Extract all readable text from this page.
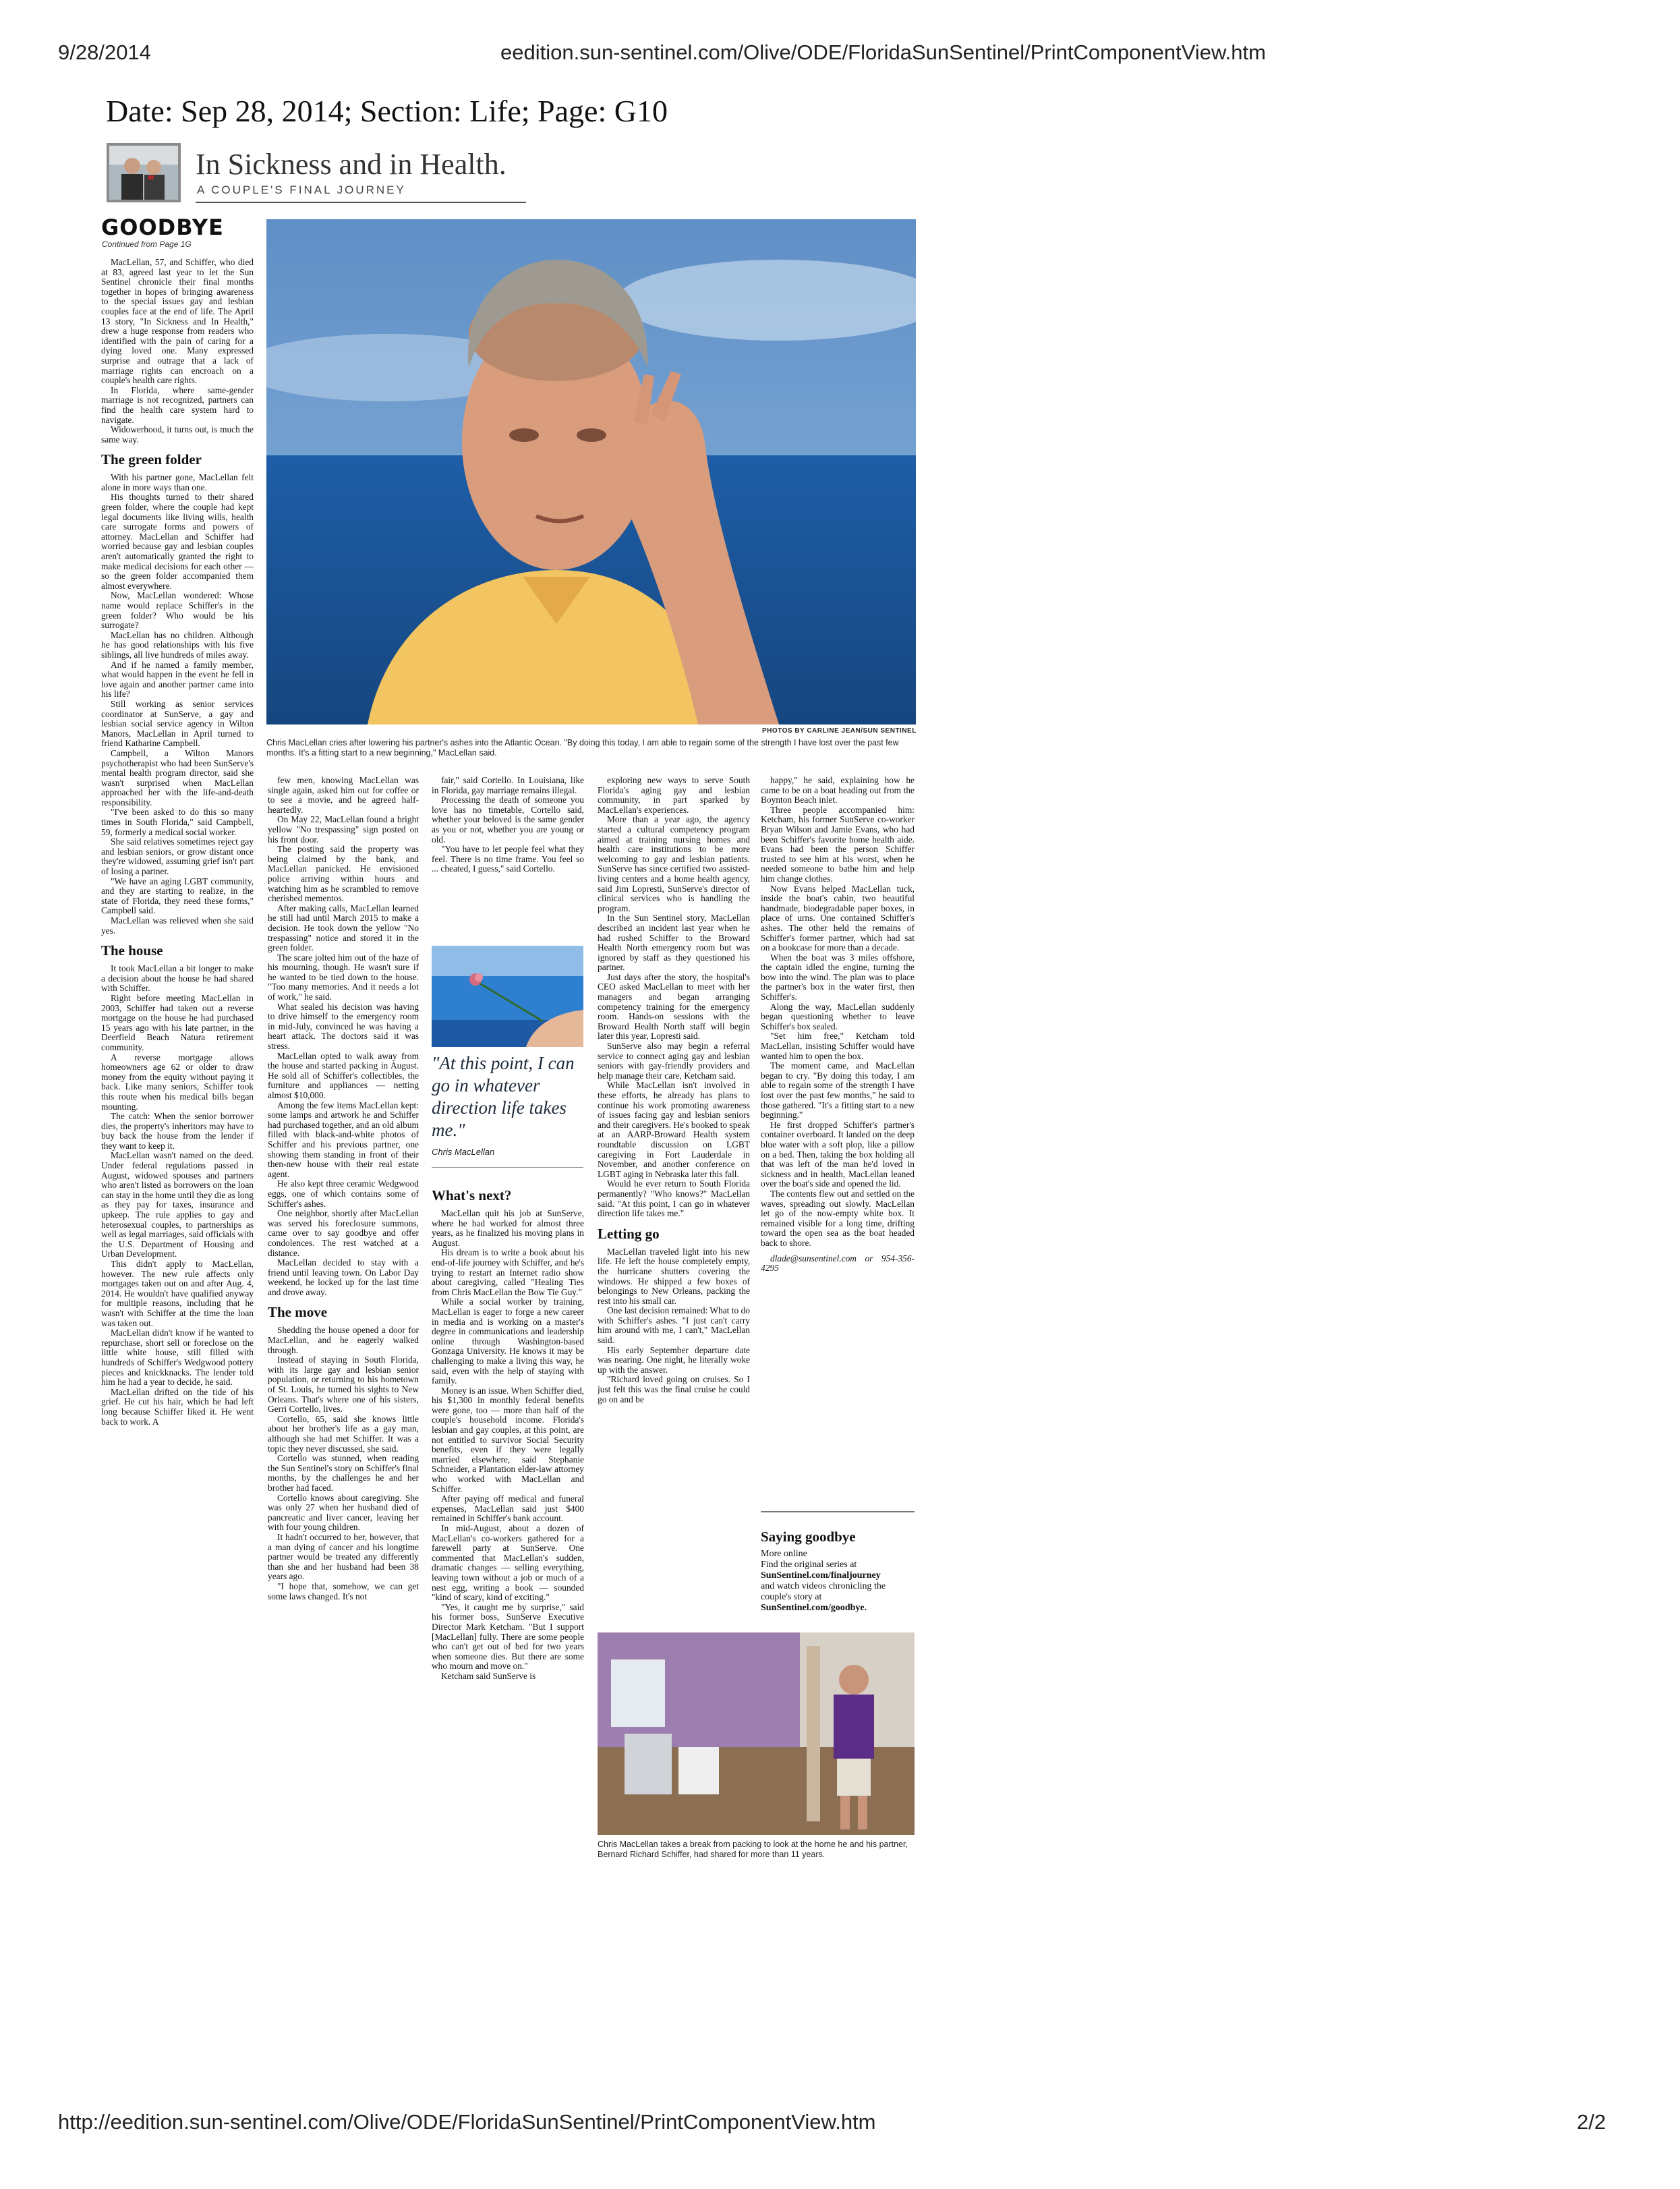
9/28/2014	eedition.sun-sentinel.com/Olive/ODE/FloridaSunSentinel/PrintComponentView.htm
Date: Sep 28, 2014; Section: Life; Page: G10
In Sickness and in Health.
A COUPLE'S FINAL JOURNEY
GOODBYE
Continued from Page 1G

MacLellan, 57, and Schiffer, who died at 83, agreed last year to let the Sun Sentinel chronicle their final months together in hopes of bringing awareness to the special issues gay and lesbian couples face at the end of life. The April 13 story, "In Sickness and In Health," drew a huge response from readers who identified with the pain of caring for a dying loved one. Many expressed surprise and outrage that a lack of marriage rights can encroach on a couple's health care rights.

In Florida, where same-gender marriage is not recognized, partners can find the health care system hard to navigate.

Widowerhood, it turns out, is much the same way.

The green folder

With his partner gone, MacLellan felt alone in more ways than one.

His thoughts turned to their shared green folder, where the couple had kept legal documents like living wills, health care surrogate forms and powers of attorney. MacLellan and Schiffer had worried because gay and lesbian couples aren't automatically granted the right to make medical decisions for each other — so the green folder accompanied them almost everywhere.

Now, MacLellan wondered: Whose name would replace Schiffer's in the green folder? Who would be his surrogate?

MacLellan has no children. Although he has good relationships with his five siblings, all live hundreds of miles away.

And if he named a family member, what would happen in the event he fell in love again and another partner came into his life?

Still working as senior services coordinator at SunServe, a gay and lesbian social service agency in Wilton Manors, MacLellan in April turned to friend Katharine Campbell.

Campbell, a Wilton Manors psychotherapist who had been SunServe's mental health program director, said she wasn't surprised when MacLellan approached her with the life-and-death responsibility.

"I've been asked to do this so many times in South Florida," said Campbell, 59, formerly a medical social worker.

She said relatives sometimes reject gay and lesbian seniors, or grow distant once they're widowed, assuming grief isn't part of losing a partner.

"We have an aging LGBT community, and they are starting to realize, in the state of Florida, they need these forms," Campbell said.

MacLellan was relieved when she said yes.

The house

It took MacLellan a bit longer to make a decision about the house he had shared with Schiffer.

Right before meeting MacLellan in 2003, Schiffer had taken out a reverse mortgage on the house he had purchased 15 years ago with his late partner, in the Deerfield Beach Natura retirement community.

A reverse mortgage allows homeowners age 62 or older to draw money from the equity without paying it back. Like many seniors, Schiffer took this route when his medical bills began mounting.

The catch: When the senior borrower dies, the property's inheritors may have to buy back the house from the lender if they want to keep it.

MacLellan wasn't named on the deed. Under federal regulations passed in August, widowed spouses and partners who aren't listed as borrowers on the loan can stay in the home until they die as long as they pay for taxes, insurance and upkeep. The rule applies to gay and heterosexual couples, to partnerships as well as legal marriages, said officials with the U.S. Department of Housing and Urban Development.

This didn't apply to MacLellan, however. The new rule affects only mortgages taken out on and after Aug. 4, 2014. He wouldn't have qualified anyway for multiple reasons, including that he wasn't with Schiffer at the time the loan was taken out.

MacLellan didn't know if he wanted to repurchase, short sell or foreclose on the little white house, still filled with hundreds of Schiffer's Wedgwood pottery pieces and knickknacks. The lender told him he had a year to decide, he said.

MacLellan drifted on the tide of his grief. He cut his hair, which he had left long because Schiffer liked it. He went back to work. A

PHOTOS BY CARLINE JEAN/SUN SENTINEL
Chris MacLellan cries after lowering his partner's ashes into the Atlantic Ocean. "By doing this today, I am able to regain some of the strength I have lost over the past few months. It's a fitting start to a new beginning," MacLellan said.

few men, knowing MacLellan was single again, asked him out for coffee or to see a movie, and he agreed half-heartedly.

On May 22, MacLellan found a bright yellow "No trespassing" sign posted on his front door.

The posting said the property was being claimed by the bank, and MacLellan panicked. He envisioned police arriving within hours and watching him as he scrambled to remove cherished mementos.

After making calls, MacLellan learned he still had until March 2015 to make a decision. He took down the yellow "No trespassing" notice and stored it in the green folder.

The scare jolted him out of the haze of his mourning, though. He wasn't sure if he wanted to be tied down to the house. "Too many memories. And it needs a lot of work," he said.

What sealed his decision was having to drive himself to the emergency room in mid-July, convinced he was having a heart attack. The doctors said it was stress.

MacLellan opted to walk away from the house and started packing in August. He sold all of Schiffer's collectibles, the furniture and appliances — netting almost $10,000.

Among the few items MacLellan kept: some lamps and artwork he and Schiffer had purchased together, and an old album filled with black-and-white photos of Schiffer and his previous partner, one showing them standing in front of their then-new house with their real estate agent.

He also kept three ceramic Wedgwood eggs, one of which contains some of Schiffer's ashes.

One neighbor, shortly after MacLellan was served his foreclosure summons, came over to say goodbye and offer condolences. The rest watched at a distance.

MacLellan decided to stay with a friend until leaving town. On Labor Day weekend, he locked up for the last time and drove away.

The move

Shedding the house opened a door for MacLellan, and he eagerly walked through.

Instead of staying in South Florida, with its large gay and lesbian senior population, or returning to his hometown of St. Louis, he turned his sights to New Orleans. That's where one of his sisters, Gerri Cortello, lives.

Cortello, 65, said she knows little about her brother's life as a gay man, although she had met Schiffer. It was a topic they never discussed, she said.

Cortello was stunned, when reading the Sun Sentinel's story on Schiffer's final months, by the challenges he and her brother had faced.

Cortello knows about caregiving. She was only 27 when her husband died of pancreatic and liver cancer, leaving her with four young children.

It hadn't occurred to her, however, that a man dying of cancer and his longtime partner would be treated any differently than she and her husband had been 38 years ago.

"I hope that, somehow, we can get some laws changed. It's not

fair," said Cortello. In Louisiana, like in Florida, gay marriage remains illegal.

Processing the death of someone you love has no timetable, Cortello said, whether your beloved is the same gender as you or not, whether you are young or old.

"You have to let people feel what they feel. There is no time frame. You feel so ... cheated, I guess," said Cortello.

"At this point, I can go in whatever direction life takes me."
Chris MacLellan
What's next?

MacLellan quit his job at SunServe, where he had worked for almost three years, as he finalized his moving plans in August.

His dream is to write a book about his end-of-life journey with Schiffer, and he's trying to restart an Internet radio show about caregiving, called "Healing Ties from Chris MacLellan the Bow Tie Guy."

While a social worker by training, MacLellan is eager to forge a new career in media and is working on a master's degree in communications and leadership online through Washington-based Gonzaga University. He knows it may be challenging to make a living this way, he said, even with the help of staying with family.

Money is an issue. When Schiffer died, his $1,300 in monthly federal benefits were gone, too — more than half of the couple's household income. Florida's lesbian and gay couples, at this point, are not entitled to survivor Social Security benefits, even if they were legally married elsewhere, said Stephanie Schneider, a Plantation elder-law attorney who worked with MacLellan and Schiffer.

After paying off medical and funeral expenses, MacLellan said just $400 remained in Schiffer's bank account.

In mid-August, about a dozen of MacLellan's co-workers gathered for a farewell party at SunServe. One commented that MacLellan's sudden, dramatic changes — selling everything, leaving town without a job or much of a nest egg, writing a book — sounded "kind of scary, kind of exciting."

"Yes, it caught me by surprise," said his former boss, SunServe Executive Director Mark Ketcham. "But I support [MacLellan] fully. There are some people who can't get out of bed for two years when someone dies. But there are some who mourn and move on."

Ketcham said SunServe is

exploring new ways to serve South Florida's aging gay and lesbian community, in part sparked by MacLellan's experiences.

More than a year ago, the agency started a cultural competency program aimed at training nursing homes and health care institutions to be more welcoming to gay and lesbian patients. SunServe has since certified two assisted-living centers and a home health agency, said Jim Lopresti, SunServe's director of clinical services who is handling the program.

In the Sun Sentinel story, MacLellan described an incident last year when he had rushed Schiffer to the Broward Health North emergency room but was ignored by staff as they questioned his partner.

Just days after the story, the hospital's CEO asked MacLellan to meet with her managers and began arranging competency training for the emergency room. Hands-on sessions with the Broward Health North staff will begin later this year, Lopresti said.

SunServe also may begin a referral service to connect aging gay and lesbian seniors with gay-friendly providers and help manage their care, Ketcham said.

While MacLellan isn't involved in these efforts, he already has plans to continue his work promoting awareness of issues facing gay and lesbian seniors and their caregivers. He's booked to speak at an AARP-Broward Health system roundtable discussion on LGBT caregiving in Fort Lauderdale in November, and another conference on LGBT aging in Nebraska later this fall.

Would he ever return to South Florida permanently? "Who knows?" MacLellan said. "At this point, I can go in whatever direction life takes me."

Letting go

MacLellan traveled light into his new life. He left the house completely empty, the hurricane shutters covering the windows. He shipped a few boxes of belongings to New Orleans, packing the rest into his small car.

One last decision remained: What to do with Schiffer's ashes. "I just can't carry him around with me, I can't," MacLellan said.

His early September departure date was nearing. One night, he literally woke up with the answer.

"Richard loved going on cruises. So I just felt this was the final cruise he could go on and be

happy," he said, explaining how he came to be on a boat heading out from the Boynton Beach inlet.

Three people accompanied him: Ketcham, his former SunServe co-worker Bryan Wilson and Jamie Evans, who had been Schiffer's favorite home health aide. Evans had been the person Schiffer trusted to see him at his worst, when he needed someone to bathe him and help him change clothes.

Now Evans helped MacLellan tuck, inside the boat's cabin, two beautiful handmade, biodegradable paper boxes, in place of urns. One contained Schiffer's ashes. The other held the remains of Schiffer's former partner, which had sat on a bookcase for more than a decade.

When the boat was 3 miles offshore, the captain idled the engine, turning the bow into the wind. The plan was to place the partner's box in the water first, then Schiffer's.

Along the way, MacLellan suddenly began questioning whether to leave Schiffer's box sealed.

"Set him free," Ketcham told MacLellan, insisting Schiffer would have wanted him to open the box.

The moment came, and MacLellan began to cry. "By doing this today, I am able to regain some of the strength I have lost over the past few months," he said to those gathered. "It's a fitting start to a new beginning."

He first dropped Schiffer's partner's container overboard. It landed on the deep blue water with a soft plop, like a pillow on a bed. Then, taking the box holding all that was left of the man he'd loved in sickness and in health, MacLellan leaned over the boat's side and opened the lid.

The contents flew out and settled on the waves, spreading out slowly. MacLellan let go of the now-empty white box. It remained visible for a long time, drifting toward the open sea as the boat headed back to shore.

dlade@sunsentinel.com or 954-356-4295

Saying goodbye
More online
Find the original series at
SunSentinel.com/finaljourney
and watch videos chronicling the couple's story at
SunSentinel.com/goodbye.
Chris MacLellan takes a break from packing to look at the home he and his partner, Bernard Richard Schiffer, had shared for more than 11 years.
http://eedition.sun-sentinel.com/Olive/ODE/FloridaSunSentinel/PrintComponentView.htm	2/2
